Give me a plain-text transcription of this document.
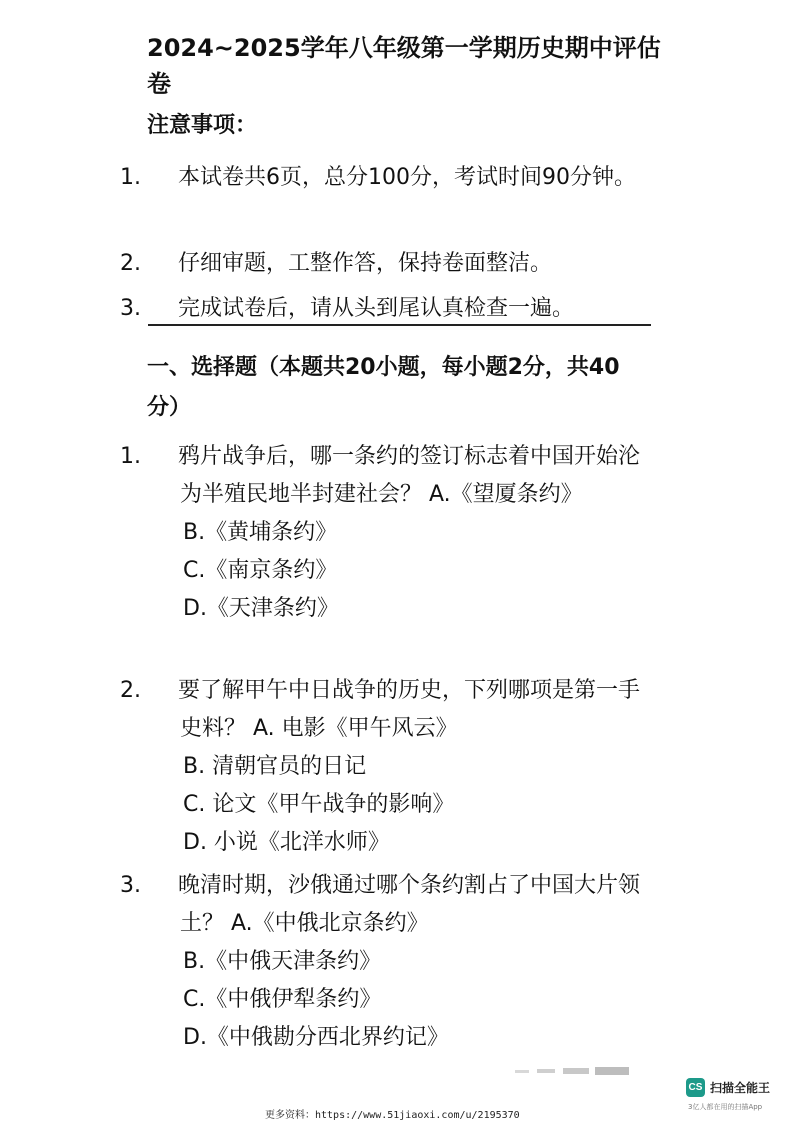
2024~2025学年八年级第一学期历史期中评估卷
注意事项：
1. 本试卷共6页，总分100分，考试时间90分钟。
2. 仔细审题，工整作答，保持卷面整洁。
3. 完成试卷后，请从头到尾认真检查一遍。
一、选择题（本题共20小题，每小题2分，共40分）
1. 鸦片战争后，哪一条约的签订标志着中国开始沦为半殖民地半封建社会？ A.《望厦条约》
B.《黄埔条约》
C.《南京条约》
D.《天津条约》
2. 要了解甲午中日战争的历史，下列哪项是第一手史料？ A. 电影《甲午风云》
B. 清朝官员的日记
C. 论文《甲午战争的影响》
D. 小说《北洋水师》
3. 晚清时期，沙俄通过哪个条约割占了中国大片领土？ A.《中俄北京条约》
B.《中俄天津条约》
C.《中俄伊犁条约》
D.《中俄勘分西北界约记》
CS 扫描全能王
3亿人都在用的扫描App
更多资料：https://www.51jiaoxi.com/u/2195370
